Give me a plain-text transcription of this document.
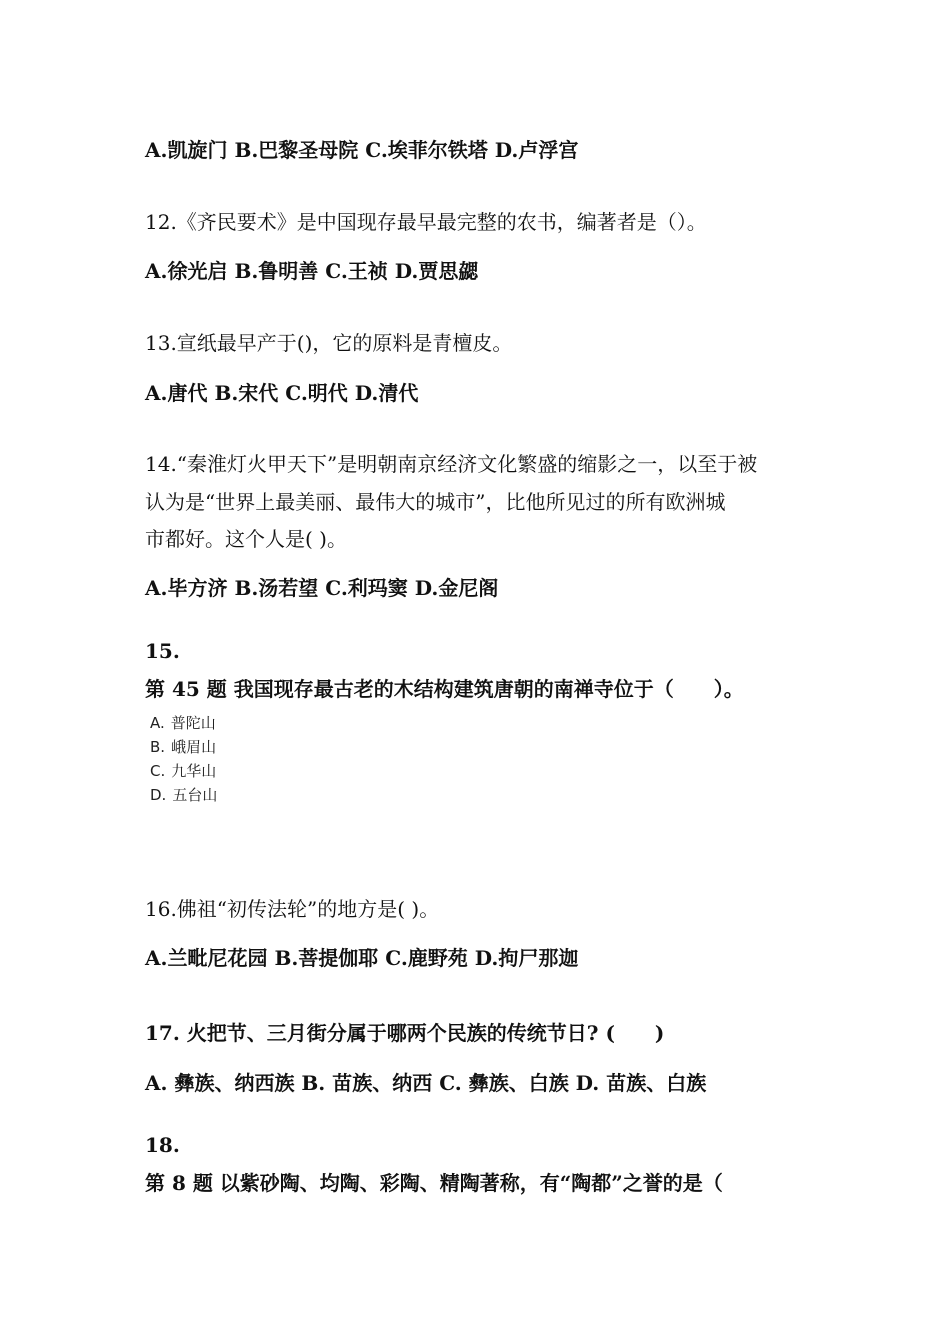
A.凯旋门 B.巴黎圣母院 C.埃菲尔铁塔 D.卢浮宫
12.《齐民要术》是中国现存最早最完整的农书，编著者是（）。
A.徐光启 B.鲁明善 C.王祯 D.贾思勰
13.宣纸最早产于()，它的原料是青檀皮。
A.唐代 B.宋代 C.明代 D.清代
14.“秦淮灯火甲天下”是明朝南京经济文化繁盛的缩影之一，以至于被
认为是“世界上最美丽、最伟大的城市”，比他所见过的所有欧洲城
市都好。这个人是( )。
A.毕方济 B.汤若望 C.利玛窦 D.金尼阁
15.
第 45 题 我国现存最古老的木结构建筑唐朝的南禅寺位于（　　）。
A. 普陀山
B. 峨眉山
C. 九华山
D. 五台山
16.佛祖“初传法轮”的地方是( )。
A.兰毗尼花园 B.菩提伽耶 C.鹿野苑 D.拘尸那迦
17. 火把节、三月街分属于哪两个民族的传统节日? (　　)
A. 彝族、纳西族 B. 苗族、纳西 C. 彝族、白族 D. 苗族、白族
18.
第 8 题 以紫砂陶、均陶、彩陶、精陶著称，有“陶都”之誉的是（
